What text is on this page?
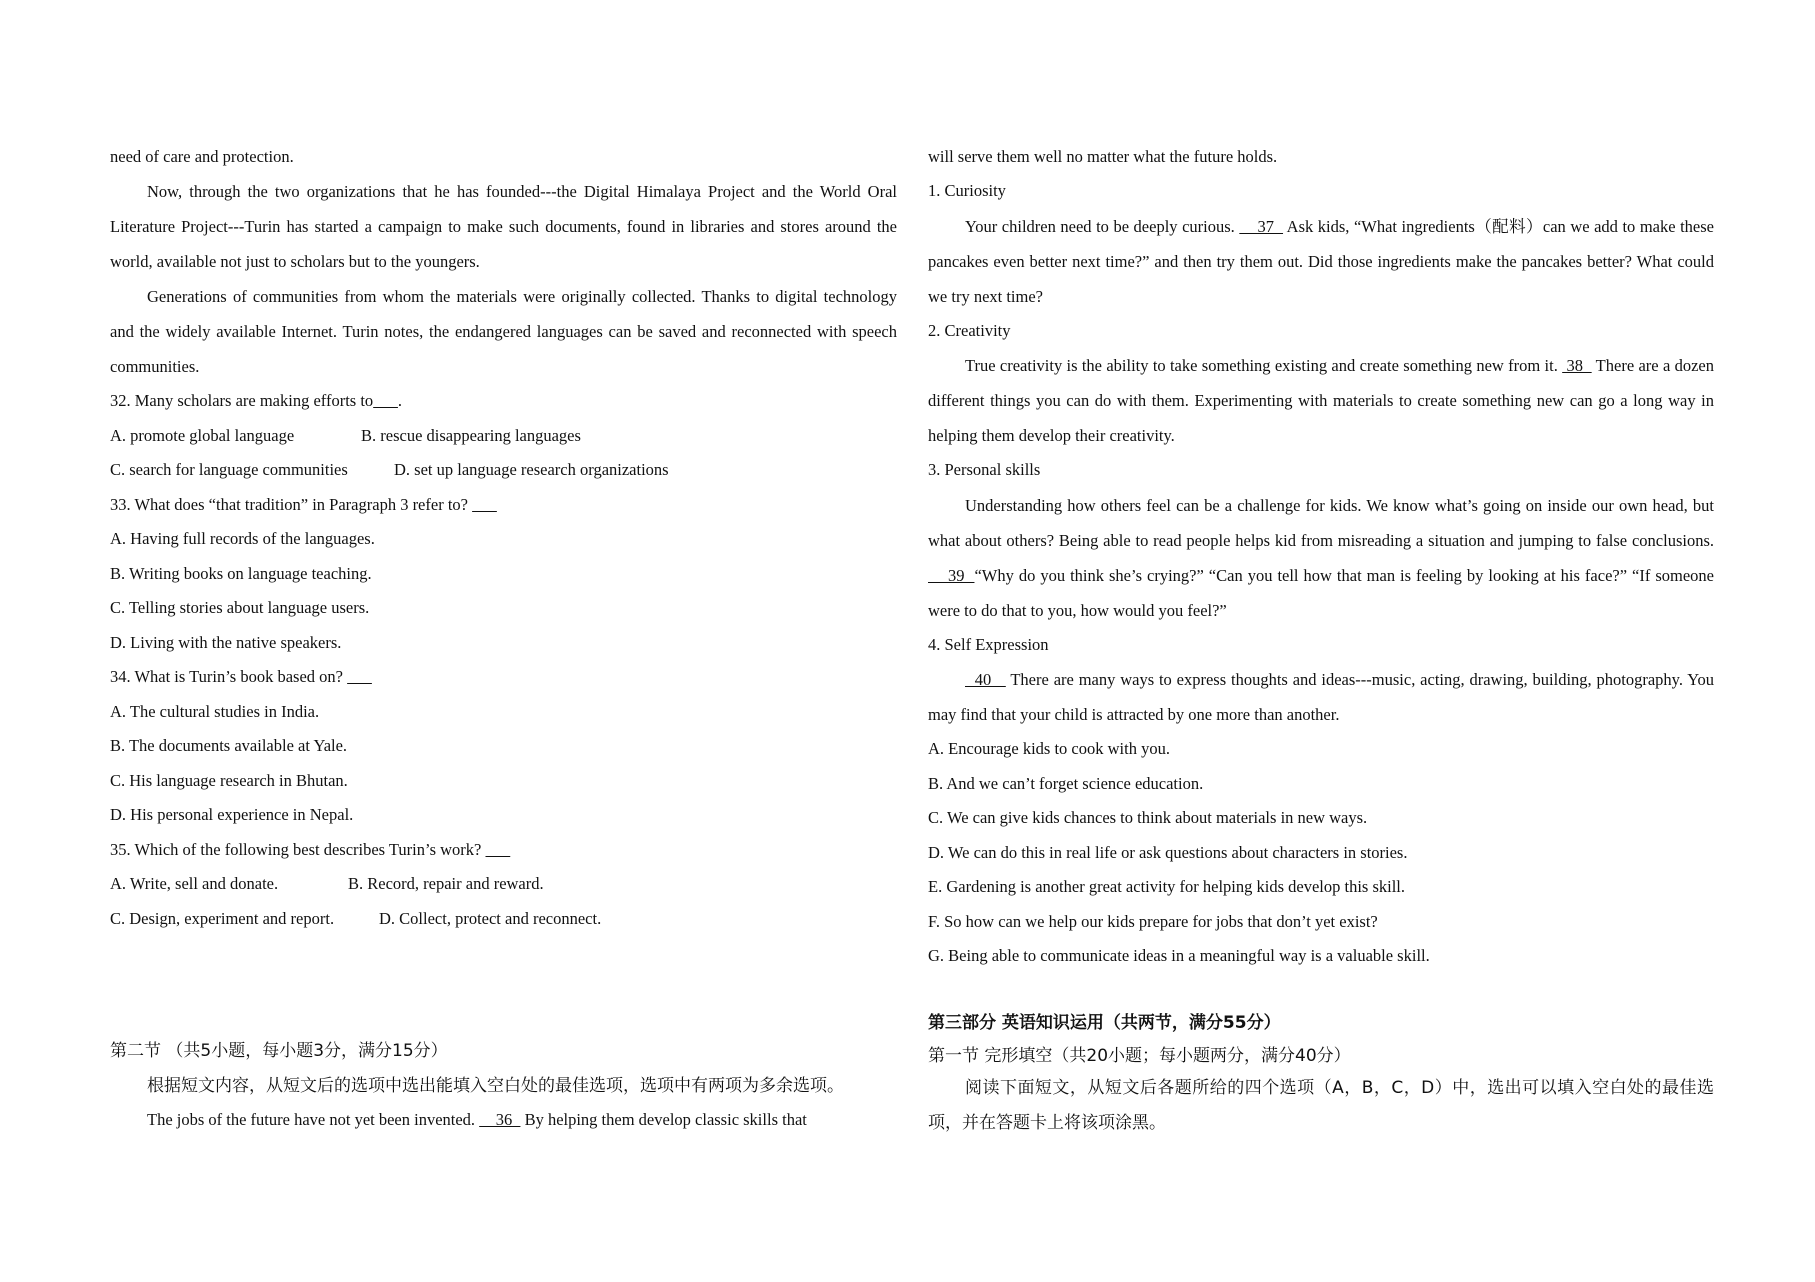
need of care and protection.

Now, through the two organizations that he has founded---the Digital Himalaya Project and the World Oral Literature Project---Turin has started a campaign to make such documents, found in libraries and stores around the world, available not just to scholars but to the youngers.

Generations of communities from whom the materials were originally collected. Thanks to digital technology and the widely available Internet. Turin notes, the endangered languages can be saved and reconnected with speech communities.

32. Many scholars are making efforts to .

A. promote global language	B. rescue disappearing languages

C. search for language communities	D. set up language research organizations

33. What does “that tradition” in Paragraph 3 refer to?

A. Having full records of the languages.

B. Writing books on language teaching.

C. Telling stories about language users.

D. Living with the native speakers.

34. What is Turin’s book based on?

A. The cultural studies in India.

B. The documents available at Yale.

C. His language research in Bhutan.

D. His personal experience in Nepal.

35. Which of the following best describes Turin’s work?

A. Write, sell and donate.	B. Record, repair and reward.

C. Design, experiment and report.	D. Collect, protect and reconnect.

第二节 （共5小题，每小题3分，满分15分）

根据短文内容，从短文后的选项中选出能填入空白处的最佳选项，选项中有两项为多余选项。

The jobs of the future have not yet been invented.     36   By helping them develop classic skills that

will serve them well no matter what the future holds.

1. Curiosity

Your children need to be deeply curious.     37   Ask kids, “What ingredients（配料）can we add to make these pancakes even better next time?” and then try them out. Did those ingredients make the pancakes better? What could we try next time?

2. Creativity

True creativity is the ability to take something existing and create something new from it.  38   There are a dozen different things you can do with them. Experimenting with materials to create something new can go a long way in helping them develop their creativity.

3. Personal skills

Understanding how others feel can be a challenge for kids. We know what’s going on inside our own head, but what about others? Being able to read people helps kid from misreading a situation and jumping to false conclusions.     39  “Why do you think she’s crying?” “Can you tell how that man is feeling by looking at his face?” “If someone were to do that to you, how would you feel?”

4. Self Expression

40    There are many ways to express thoughts and ideas---music, acting, drawing, building, photography. You may find that your child is attracted by one more than another.

A. Encourage kids to cook with you.

B. And we can’t forget science education.

C. We can give kids chances to think about materials in new ways.

D. We can do this in real life or ask questions about characters in stories.

E. Gardening is another great activity for helping kids develop this skill.

F. So how can we help our kids prepare for jobs that don’t yet exist?

G. Being able to communicate ideas in a meaningful way is a valuable skill.

第三部分 英语知识运用（共两节，满分55分）

第一节 完形填空（共20小题；每小题两分，满分40分）

阅读下面短文，从短文后各题所给的四个选项（A，B，C，D）中，选出可以填入空白处的最佳选项，并在答题卡上将该项涂黑。
